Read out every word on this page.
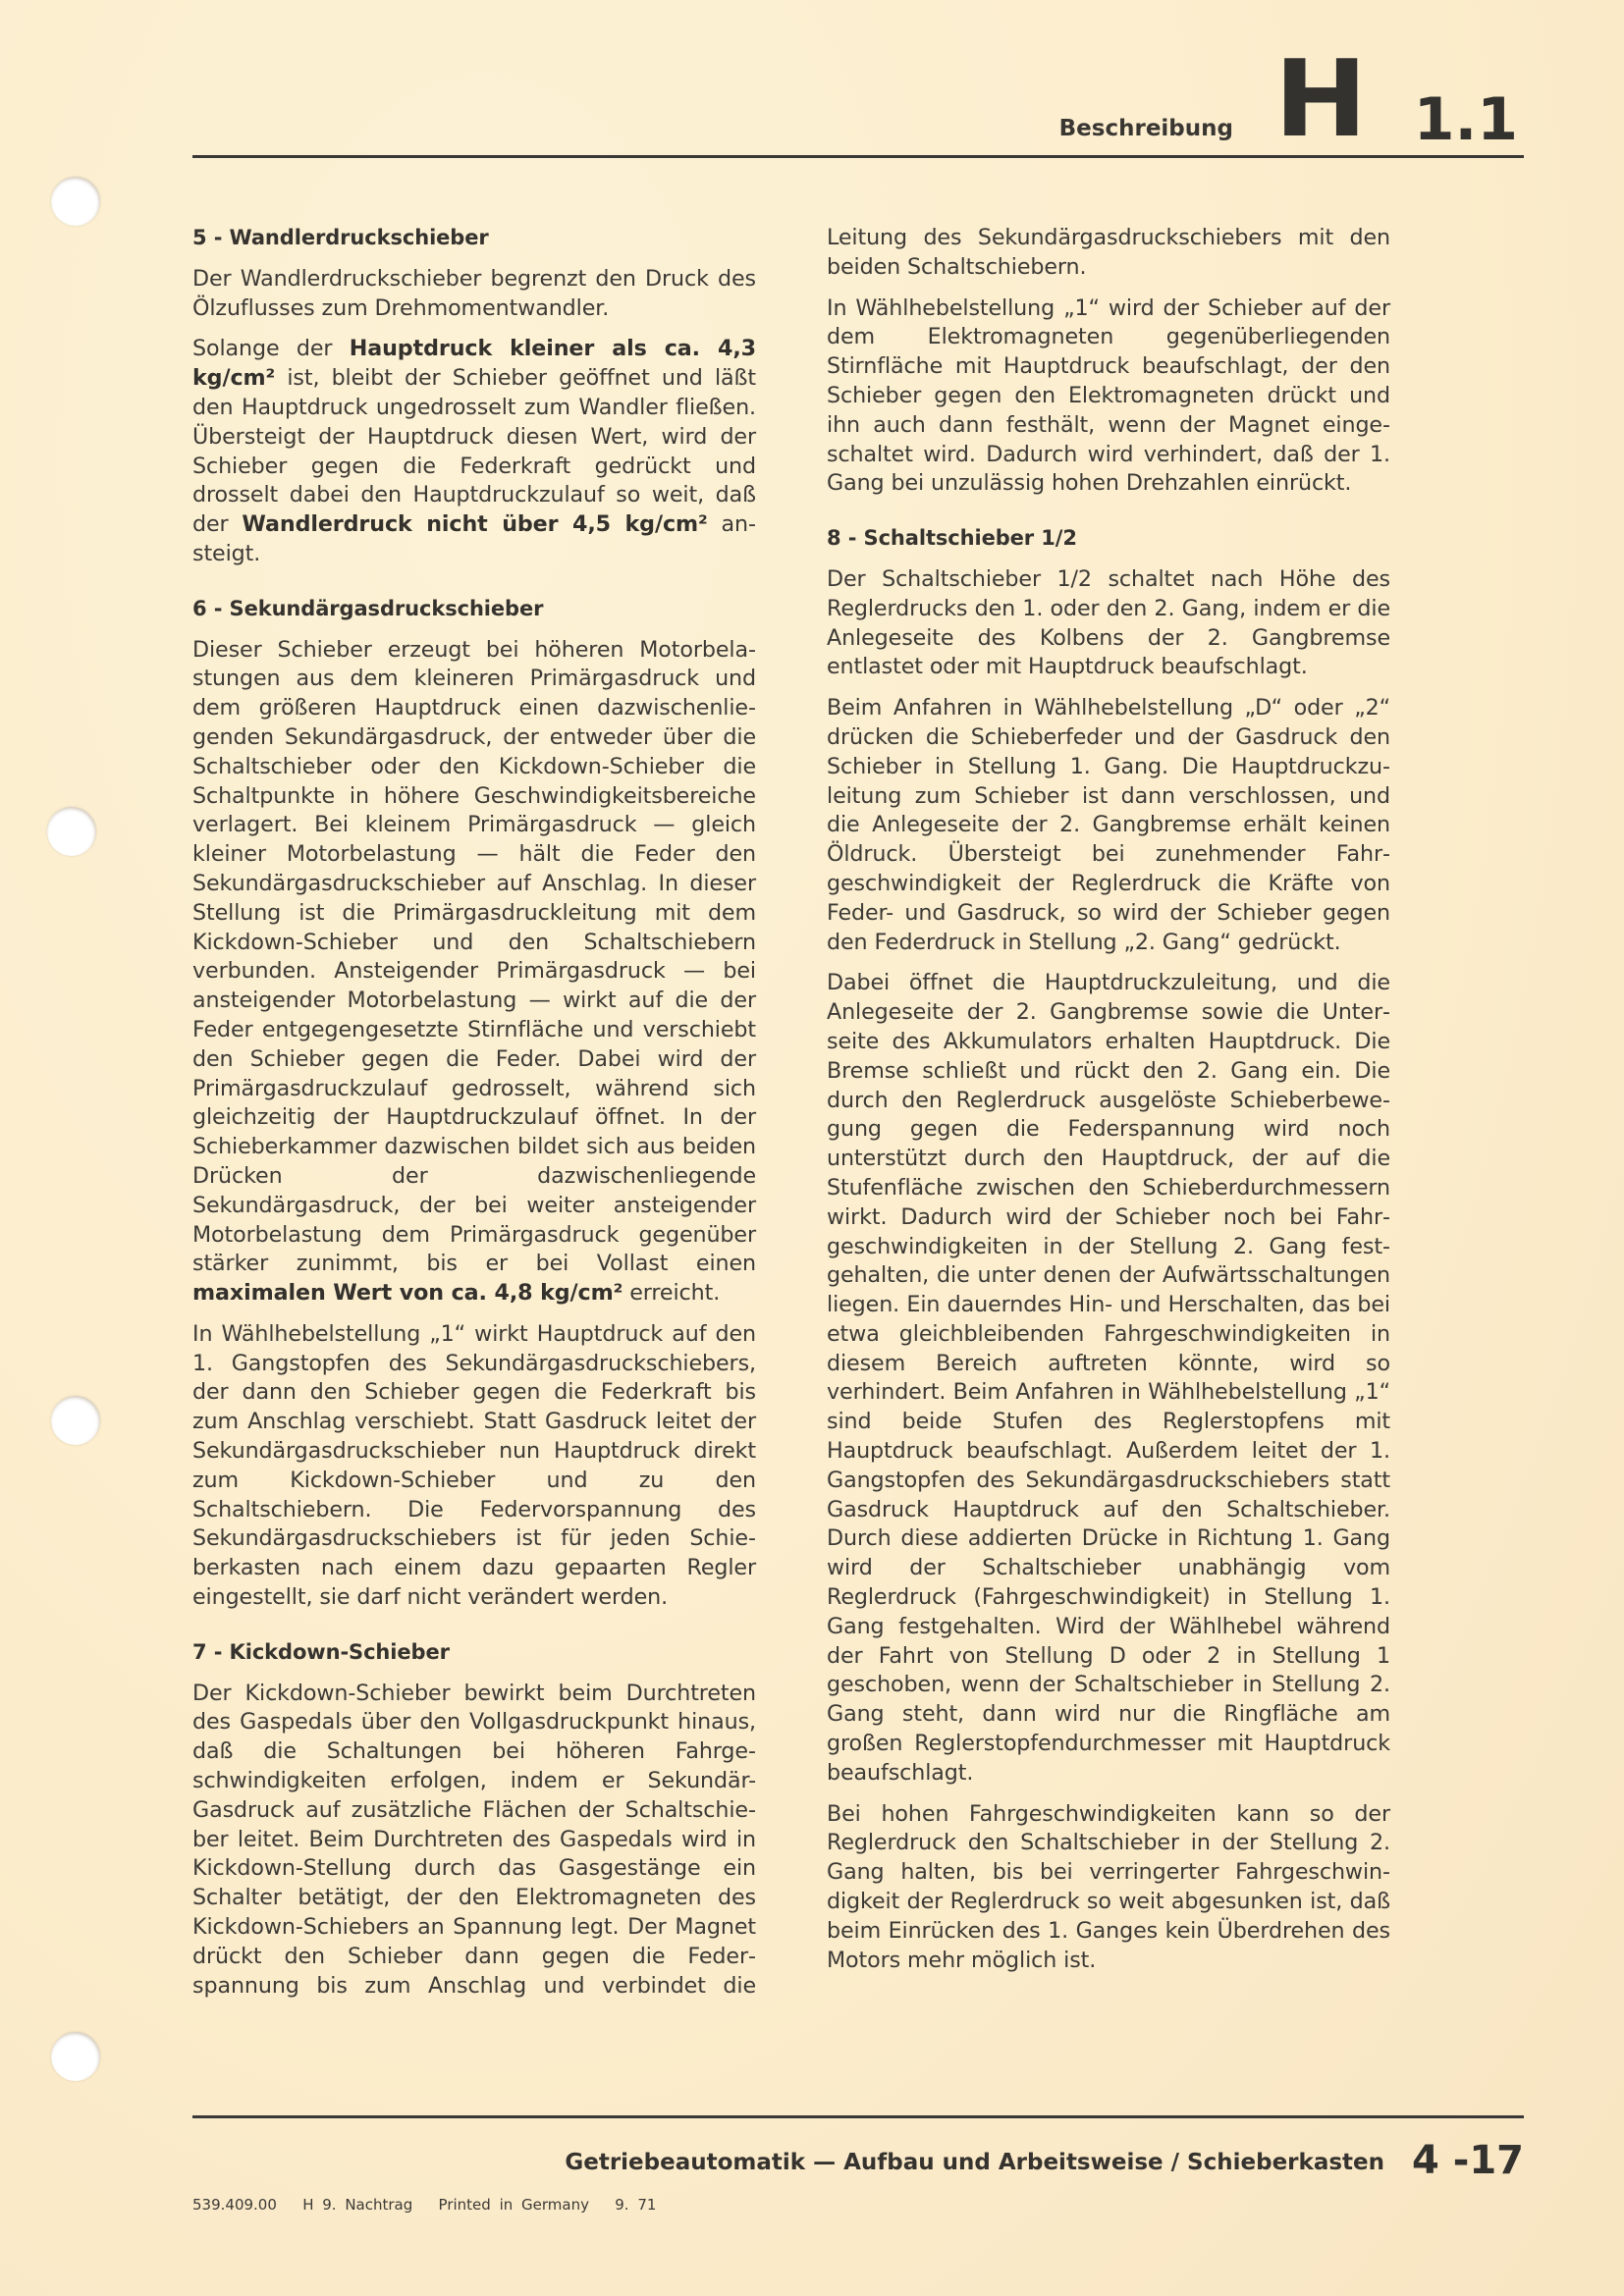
Beschreibung H 1.1
5 - Wandlerdruckschieber

Der Wandlerdruckschieber begrenzt den Druck des Ölzuflusses zum Drehmomentwandler.

Solange der Hauptdruck kleiner als ca. 4,3 kg/cm² ist, bleibt der Schieber geöffnet und läßt den Hauptdruck ungedrosselt zum Wandler fließen. Übersteigt der Hauptdruck diesen Wert, wird der Schieber gegen die Federkraft gedrückt und drosselt dabei den Hauptdruckzulauf so weit, daß der Wandlerdruck nicht über 4,5 kg/cm² ansteigt.

6 - Sekundärgasdruckschieber

Dieser Schieber erzeugt bei höheren Motorbelastungen aus dem kleineren Primärgasdruck und dem größeren Hauptdruck einen dazwischenliegenden Sekundärgasdruck, der entweder über die Schaltschieber oder den Kickdown-Schieber die Schaltpunkte in höhere Geschwindigkeitsbereiche verlagert. Bei kleinem Primärgasdruck — gleich kleiner Motorbelastung — hält die Feder den Sekundärgasdruckschieber auf Anschlag. In dieser Stellung ist die Primärgasdruckleitung mit dem Kickdown-Schieber und den Schaltschiebern verbunden. Ansteigender Primärgasdruck — bei ansteigender Motorbelastung — wirkt auf die der Feder entgegengesetzte Stirnfläche und verschiebt den Schieber gegen die Feder. Dabei wird der Primärgasdruckzulauf gedrosselt, während sich gleichzeitig der Hauptdruckzulauf öffnet. In der Schieberkammer dazwischen bildet sich aus beiden Drücken der dazwischenliegende Sekundärgasdruck, der bei weiter ansteigender Motorbelastung dem Primärgasdruck gegenüber stärker zunimmt, bis er bei Vollast einen maximalen Wert von ca. 4,8 kg/cm² erreicht.

In Wählhebelstellung „1“ wirkt Hauptdruck auf den 1. Gangstopfen des Sekundärgasdruckschiebers, der dann den Schieber gegen die Federkraft bis zum Anschlag verschiebt. Statt Gasdruck leitet der Sekundärgasdruckschieber nun Hauptdruck direkt zum Kickdown-Schieber und zu den Schaltschiebern. Die Federvorspannung des Sekundärgasdruckschiebers ist für jeden Schieberkasten nach einem dazu gepaarten Regler eingestellt, sie darf nicht verändert werden.

7 - Kickdown-Schieber

Der Kickdown-Schieber bewirkt beim Durchtreten des Gaspedals über den Vollgasdruckpunkt hinaus, daß die Schaltungen bei höheren Fahrgeschwindigkeiten erfolgen, indem er Sekundär-Gasdruck auf zusätzliche Flächen der Schaltschieber leitet. Beim Durchtreten des Gaspedals wird in Kickdown-Stellung durch das Gasgestänge ein Schalter betätigt, der den Elektromagneten des Kickdown-Schiebers an Spannung legt. Der Magnet drückt den Schieber dann gegen die Federspannung bis zum Anschlag und verbindet die

Leitung des Sekundärgasdruckschiebers mit den beiden Schaltschiebern.

In Wählhebelstellung „1“ wird der Schieber auf der dem Elektromagneten gegenüberliegenden Stirnfläche mit Hauptdruck beaufschlagt, der den Schieber gegen den Elektromagneten drückt und ihn auch dann festhält, wenn der Magnet eingeschaltet wird. Dadurch wird verhindert, daß der 1. Gang bei unzulässig hohen Drehzahlen einrückt.

8 - Schaltschieber 1/2

Der Schaltschieber 1/2 schaltet nach Höhe des Reglerdrucks den 1. oder den 2. Gang, indem er die Anlegeseite des Kolbens der 2. Gangbremse entlastet oder mit Hauptdruck beaufschlagt.

Beim Anfahren in Wählhebelstellung „D“ oder „2“ drücken die Schieberfeder und der Gasdruck den Schieber in Stellung 1. Gang. Die Hauptdruckzuleitung zum Schieber ist dann verschlossen, und die Anlegeseite der 2. Gangbremse erhält keinen Öldruck. Übersteigt bei zunehmender Fahrgeschwindigkeit der Reglerdruck die Kräfte von Feder- und Gasdruck, so wird der Schieber gegen den Federdruck in Stellung „2. Gang“ gedrückt.

Dabei öffnet die Hauptdruckzuleitung, und die Anlegeseite der 2. Gangbremse sowie die Unterseite des Akkumulators erhalten Hauptdruck. Die Bremse schließt und rückt den 2. Gang ein. Die durch den Reglerdruck ausgelöste Schieberbewegung gegen die Federspannung wird noch unterstützt durch den Hauptdruck, der auf die Stufenfläche zwischen den Schieberdurchmessern wirkt. Dadurch wird der Schieber noch bei Fahrgeschwindigkeiten in der Stellung 2. Gang festgehalten, die unter denen der Aufwärtsschaltungen liegen. Ein dauerndes Hin- und Herschalten, das bei etwa gleichbleibenden Fahrgeschwindigkeiten in diesem Bereich auftreten könnte, wird so verhindert. Beim Anfahren in Wählhebelstellung „1“ sind beide Stufen des Reglerstopfens mit Hauptdruck beaufschlagt. Außerdem leitet der 1. Gangstopfen des Sekundärgasdruckschiebers statt Gasdruck Hauptdruck auf den Schaltschieber. Durch diese addierten Drücke in Richtung 1. Gang wird der Schaltschieber unabhängig vom Reglerdruck (Fahrgeschwindigkeit) in Stellung 1. Gang festgehalten. Wird der Wählhebel während der Fahrt von Stellung D oder 2 in Stellung 1 geschoben, wenn der Schaltschieber in Stellung 2. Gang steht, dann wird nur die Ringfläche am großen Reglerstopfendurchmesser mit Hauptdruck beaufschlagt.

Bei hohen Fahrgeschwindigkeiten kann so der Reglerdruck den Schaltschieber in der Stellung 2. Gang halten, bis bei verringerter Fahrgeschwindigkeit der Reglerdruck so weit abgesunken ist, daß beim Einrücken des 1. Ganges kein Überdrehen des Motors mehr möglich ist.

Getriebeautomatik — Aufbau und Arbeitsweise / Schieberkasten 4 -17
539.409.00   H 9. Nachtrag   Printed in Germany   9. 71
